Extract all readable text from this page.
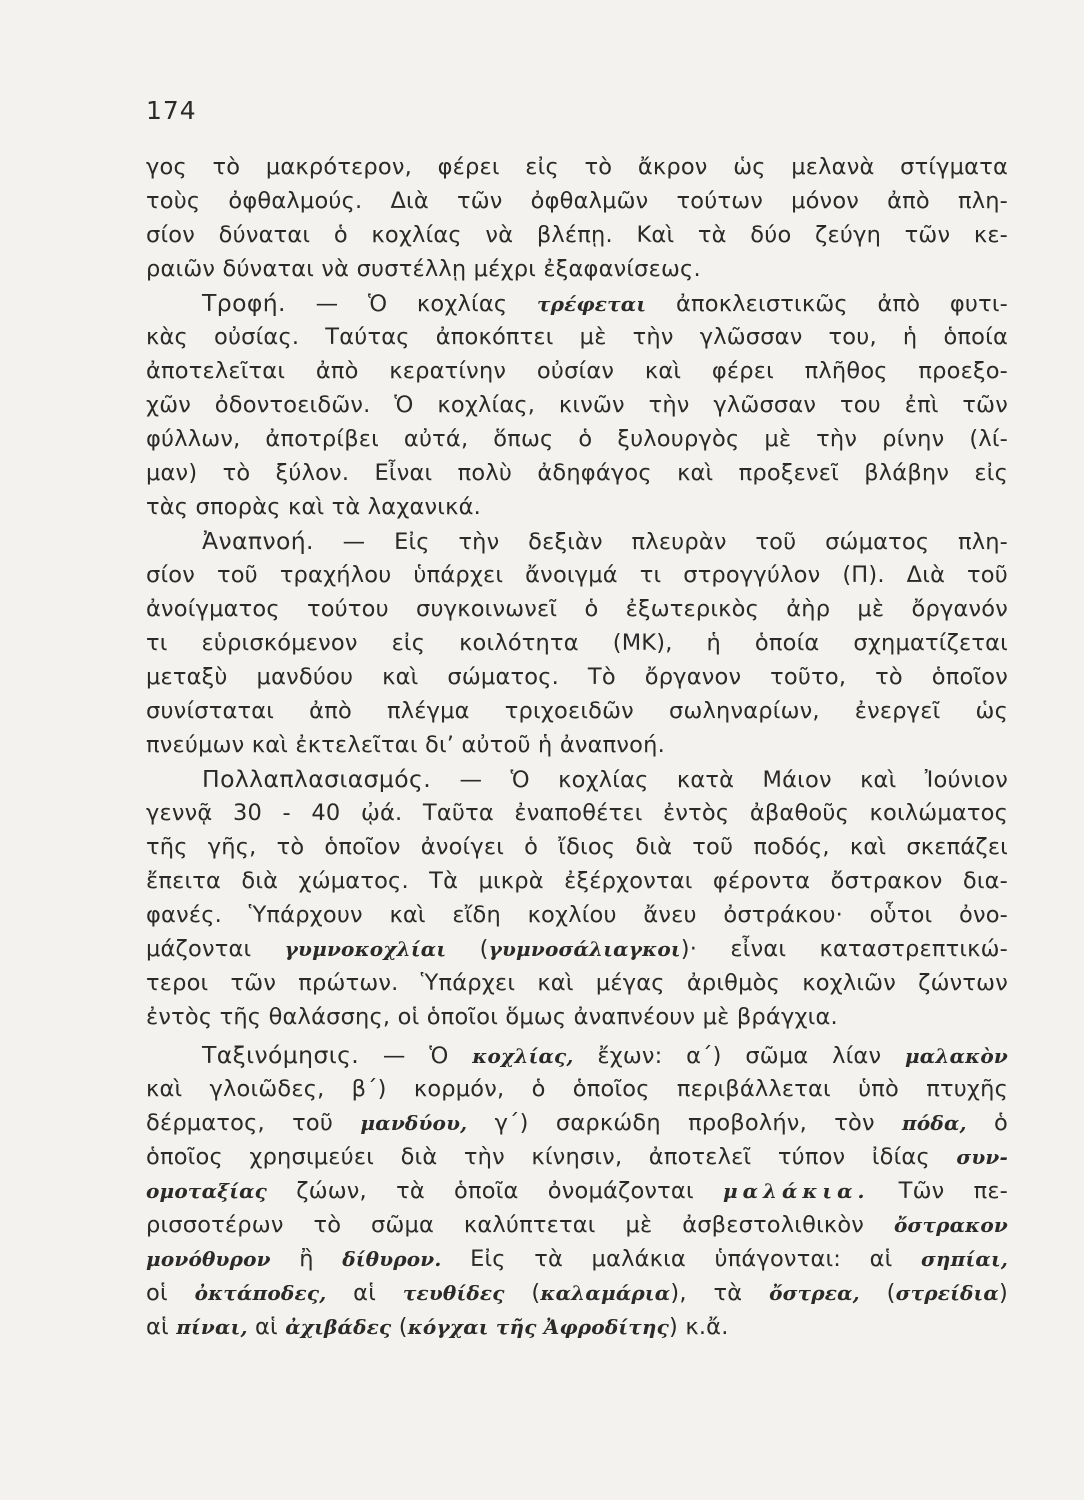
174
γος τὸ μακρότερον, φέρει εἰς τὸ ἄκρον ὡς μελανὰ στίγματα
τοὺς ὀφθαλμούς. Διὰ τῶν ὀφθαλμῶν τούτων μόνον ἀπὸ πλη-
σίον δύναται ὁ κοχλίας νὰ βλέπῃ. Καὶ τὰ δύο ζεύγη τῶν κε-
ραιῶν δύναται νὰ συστέλλῃ μέχρι ἐξαφανίσεως.
Τροφή. — Ὁ κοχλίας τρέφεται ἀποκλειστικῶς ἀπὸ φυτι-
κὰς οὐσίας. Ταύτας ἀποκόπτει μὲ τὴν γλῶσσαν του, ἡ ὁποία
ἀποτελεῖται ἀπὸ κερατίνην οὐσίαν καὶ φέρει πλῆθος προεξο-
χῶν ὀδοντοειδῶν. Ὁ κοχλίας, κινῶν τὴν γλῶσσαν του ἐπὶ τῶν
φύλλων, ἀποτρίβει αὐτά, ὅπως ὁ ξυλουργὸς μὲ τὴν ρίνην (λί-
μαν) τὸ ξύλον. Εἶναι πολὺ ἀδηφάγος καὶ προξενεῖ βλάβην εἰς
τὰς σπορὰς καὶ τὰ λαχανικά.
Ἀναπνοή. — Εἰς τὴν δεξιὰν πλευρὰν τοῦ σώματος πλη-
σίον τοῦ τραχήλου ὑπάρχει ἄνοιγμά τι στρογγύλον (Π). Διὰ τοῦ
ἀνοίγματος τούτου συγκοινωνεῖ ὁ ἐξωτερικὸς ἀὴρ μὲ ὄργανόν
τι εὑρισκόμενον εἰς κοιλότητα (ΜΚ), ἡ ὁποία σχηματίζεται
μεταξὺ μανδύου καὶ σώματος. Τὸ ὄργανον τοῦτο, τὸ ὁποῖον
συνίσταται ἀπὸ πλέγμα τριχοειδῶν σωληναρίων, ἐνεργεῖ ὡς
πνεύμων καὶ ἐκτελεῖται δι’ αὐτοῦ ἡ ἀναπνοή.
Πολλαπλασιασμός. — Ὁ κοχλίας κατὰ Μάιον καὶ Ἰούνιον
γεννᾷ 30 - 40 ᾠά. Ταῦτα ἐναποθέτει ἐντὸς ἀβαθοῦς κοιλώματος
τῆς γῆς, τὸ ὁποῖον ἀνοίγει ὁ ἴδιος διὰ τοῦ ποδός, καὶ σκεπάζει
ἔπειτα διὰ χώματος. Τὰ μικρὰ ἐξέρχονται φέροντα ὄστρακον δια-
φανές. Ὑπάρχουν καὶ εἴδη κοχλίου ἄνευ ὀστράκου· οὗτοι ὀνο-
μάζονται γυμνοκοχλίαι (γυμνοσάλιαγκοι)· εἶναι καταστρεπτικώ-
τεροι τῶν πρώτων. Ὑπάρχει καὶ μέγας ἀριθμὸς κοχλιῶν ζώντων
ἐντὸς τῆς θαλάσσης, οἱ ὁποῖοι ὅμως ἀναπνέουν μὲ βράγχια.
Ταξινόμησις. — Ὁ κοχλίας, ἔχων: α΄) σῶμα λίαν μαλακὸν
καὶ γλοιῶδες, β΄) κορμόν, ὁ ὁποῖος περιβάλλεται ὑπὸ πτυχῆς
δέρματος, τοῦ μανδύου, γ΄) σαρκώδη προβολήν, τὸν πόδα, ὁ
ὁποῖος χρησιμεύει διὰ τὴν κίνησιν, ἀποτελεῖ τύπον ἰδίας συν-
ομοταξίας ζώων, τὰ ὁποῖα ὀνομάζονται μαλάκια. Τῶν πε-
ρισσοτέρων τὸ σῶμα καλύπτεται μὲ ἀσβεστολιθικὸν ὄστρακον
μονόθυρον ἢ δίθυρον. Εἰς τὰ μαλάκια ὑπάγονται: αἱ σηπίαι,
οἱ ὀκτάποδες, αἱ τευθίδες (καλαμάρια), τὰ ὄστρεα, (στρείδια)
αἱ πίναι, αἱ ἀχιβάδες (κόγχαι τῆς Ἀφροδίτης) κ.ἄ.
